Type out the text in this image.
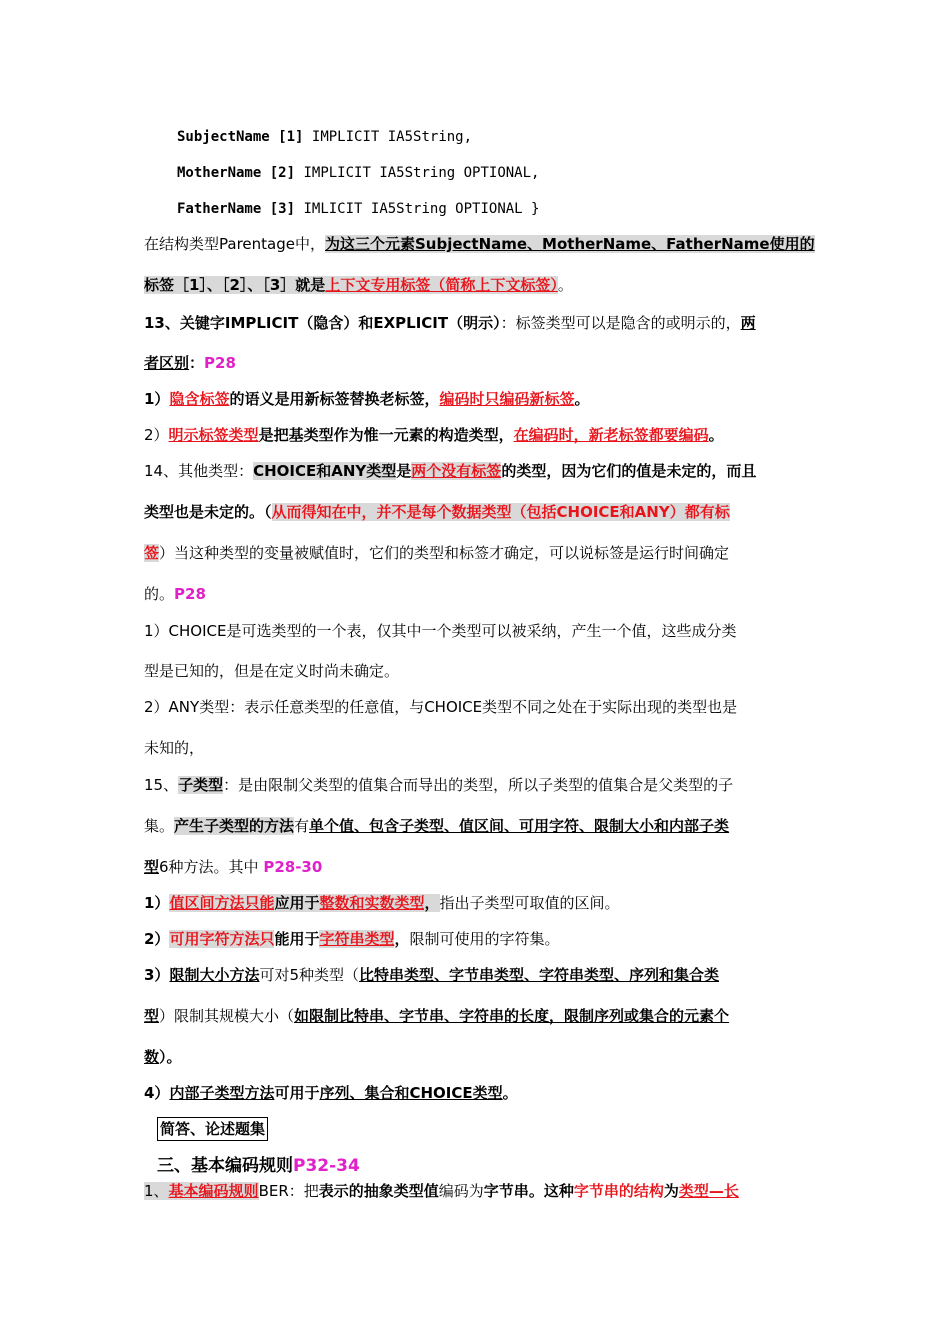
SubjectName [1] IMPLICIT IA5String,
MotherName [2] IMPLICIT IA5String OPTIONAL,
FatherName [3] IMLICIT IA5String OPTIONAL }
在结构类型Parentage中，为这三个元素SubjectName、MotherName、FatherName使用的
标签［1］、［2］、［3］就是上下文专用标签（简称上下文标签）。
13、关键字IMPLICIT（隐含）和EXPLICIT（明示）：标签类型可以是隐含的或明示的，两
者区别：P28
1）隐含标签的语义是用新标签替换老标签，编码时只编码新标签。
2）明示标签类型是把基类型作为惟一元素的构造类型，在编码时，新老标签都要编码。
14、其他类型：CHOICE和ANY类型是两个没有标签的类型，因为它们的值是未定的，而且
类型也是未定的。（从而得知在中，并不是每个数据类型（包括CHOICE和ANY）都有标
签）当这种类型的变量被赋值时，它们的类型和标签才确定，可以说标签是运行时间确定
的。P28
1）CHOICE是可选类型的一个表，仅其中一个类型可以被采纳，产生一个值，这些成分类
型是已知的，但是在定义时尚未确定。
2）ANY类型：表示任意类型的任意值，与CHOICE类型不同之处在于实际出现的类型也是
未知的，
15、子类型：是由限制父类型的值集合而导出的类型，所以子类型的值集合是父类型的子
集。产生子类型的方法有单个值、包含子类型、值区间、可用字符、限制大小和内部子类
型6种方法。其中 P28-30
1）值区间方法只能应用于整数和实数类型，指出子类型可取值的区间。
2）可用字符方法只能用于字符串类型，限制可使用的字符集。
3）限制大小方法可对5种类型（比特串类型、字节串类型、字符串类型、序列和集合类
型）限制其规模大小（如限制比特串、字节串、字符串的长度，限制序列或集合的元素个
数）。
4）内部子类型方法可用于序列、集合和CHOICE类型。
简答、论述题集
三、基本编码规则P32-34
1、基本编码规则BER：把表示的抽象类型值编码为字节串。这种字节串的结构为类型—长
